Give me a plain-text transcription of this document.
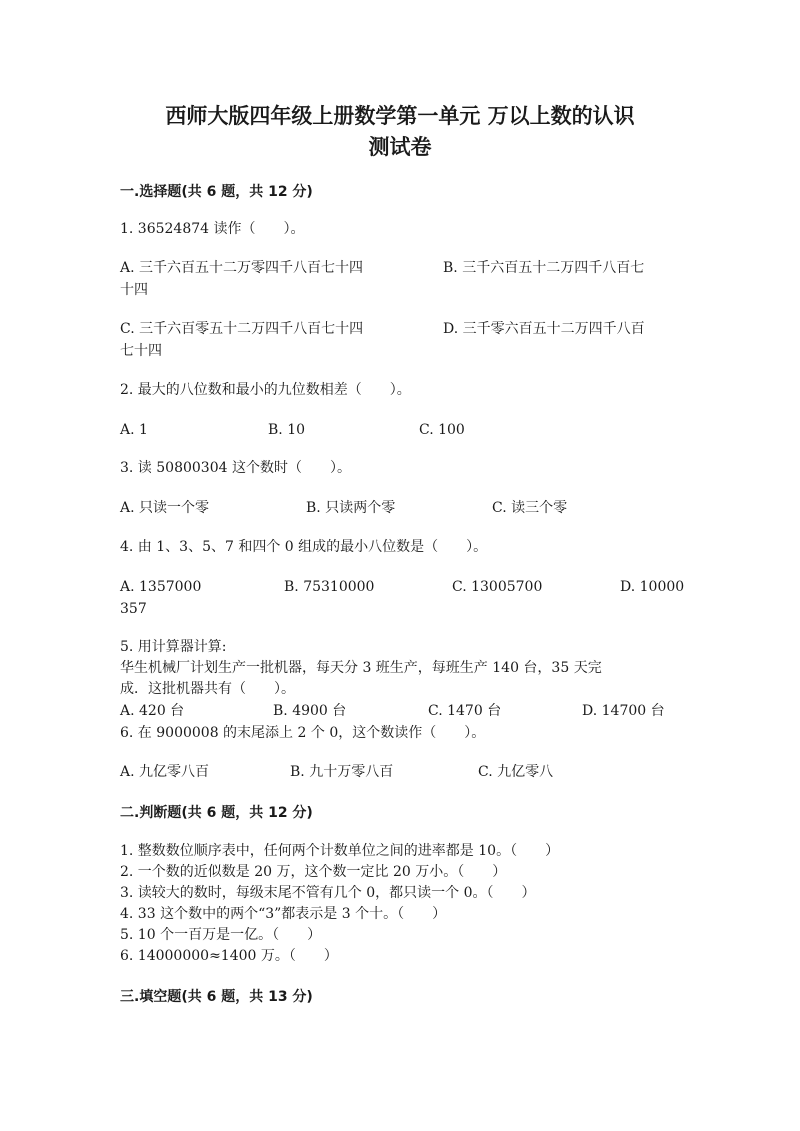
西师大版四年级上册数学第一单元 万以上数的认识
测试卷
一.选择题(共 6 题，共 12 分)
1. 36524874 读作（　　）。
A. 三千六百五十二万零四千八百七十四	B. 三千六百五十二万四千八百七
十四
C. 三千六百零五十二万四千八百七十四	D. 三千零六百五十二万四千八百
七十四
2. 最大的八位数和最小的九位数相差（　　）。
A. 1	B. 10	C. 100
3. 读 50800304 这个数时（　　）。
A. 只读一个零	B. 只读两个零	C. 读三个零
4. 由 1、3、5、7 和四个 0 组成的最小八位数是（　　）。
A. 1357000	B. 75310000	C. 13005700	D. 10000
357
5. 用计算器计算:
华生机械厂计划生产一批机器，每天分 3 班生产，每班生产 140 台，35 天完
成．这批机器共有（　　）。
A. 420 台	B. 4900 台	C. 1470 台	D. 14700 台
6. 在 9000008 的末尾添上 2 个 0，这个数读作（　　）。
A. 九亿零八百	B. 九十万零八百	C. 九亿零八
二.判断题(共 6 题，共 12 分)
1. 整数数位顺序表中，任何两个计数单位之间的进率都是 10。（　　）
2. 一个数的近似数是 20 万，这个数一定比 20 万小。（　　）
3. 读较大的数时，每级末尾不管有几个 0，都只读一个 0。（　　）
4. 33 这个数中的两个“3”都表示是 3 个十。（　　）
5. 10 个一百万是一亿。（　　）
6. 14000000≈1400 万。（　　）
三.填空题(共 6 题，共 13 分)
